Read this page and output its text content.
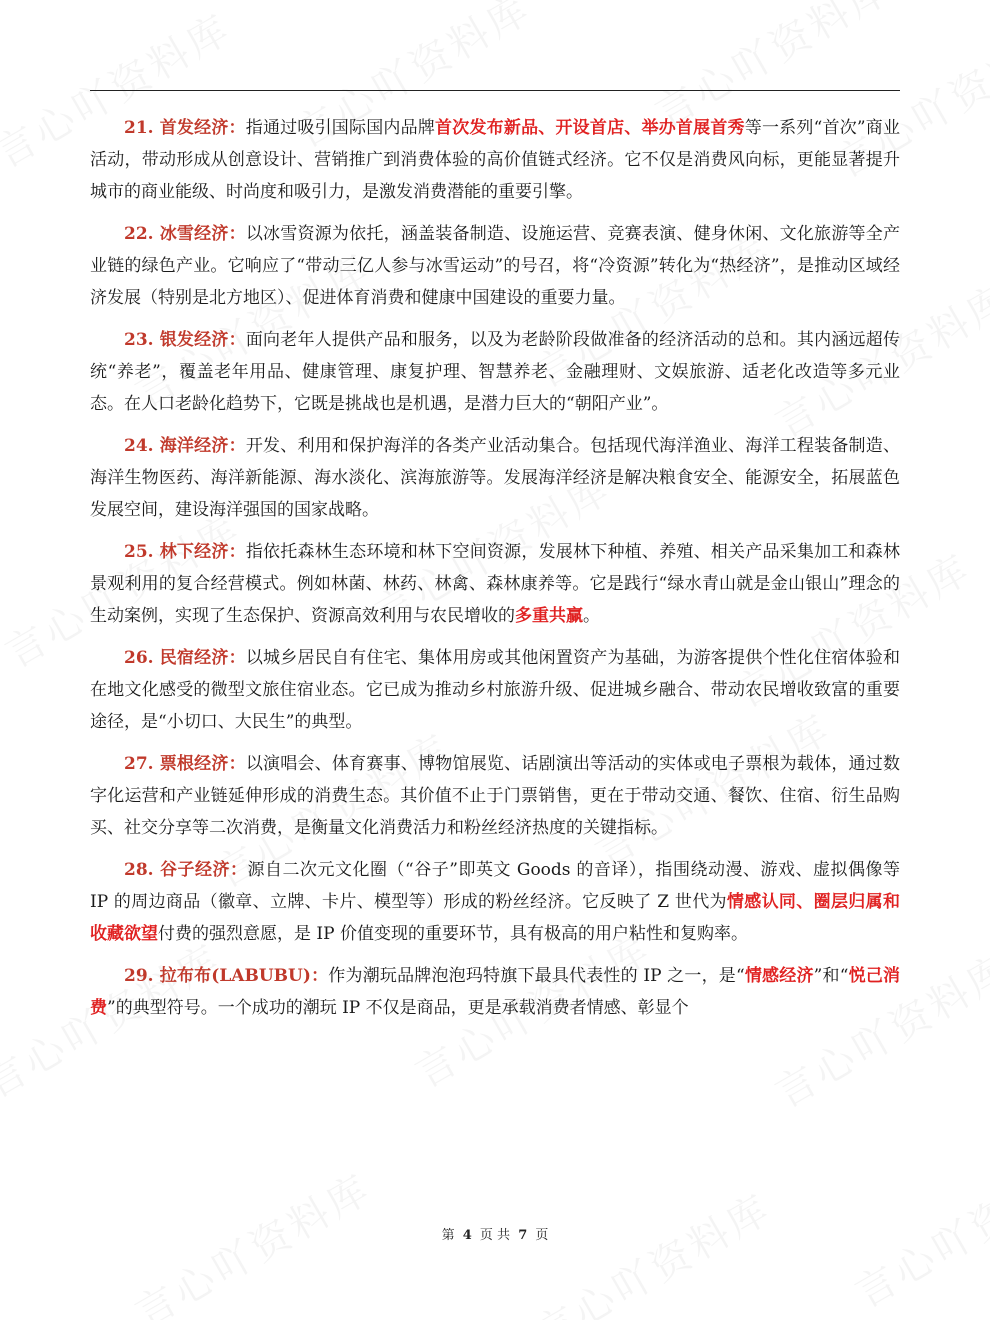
21. 首发经济：指通过吸引国际国内品牌首次发布新品、开设首店、举办首展首秀等一系列“首次”商业活动，带动形成从创意设计、营销推广到消费体验的高价值链式经济。它不仅是消费风向标，更能显著提升城市的商业能级、时尚度和吸引力，是激发消费潜能的重要引擎。

22. 冰雪经济：以冰雪资源为依托，涵盖装备制造、设施运营、竞赛表演、健身休闲、文化旅游等全产业链的绿色产业。它响应了“带动三亿人参与冰雪运动”的号召，将“冷资源”转化为“热经济”，是推动区域经济发展（特别是北方地区）、促进体育消费和健康中国建设的重要力量。

23. 银发经济：面向老年人提供产品和服务，以及为老龄阶段做准备的经济活动的总和。其内涵远超传统“养老”，覆盖老年用品、健康管理、康复护理、智慧养老、金融理财、文娱旅游、适老化改造等多元业态。在人口老龄化趋势下，它既是挑战也是机遇，是潜力巨大的“朝阳产业”。

24. 海洋经济：开发、利用和保护海洋的各类产业活动集合。包括现代海洋渔业、海洋工程装备制造、海洋生物医药、海洋新能源、海水淡化、滨海旅游等。发展海洋经济是解决粮食安全、能源安全，拓展蓝色发展空间，建设海洋强国的国家战略。

25. 林下经济：指依托森林生态环境和林下空间资源，发展林下种植、养殖、相关产品采集加工和森林景观利用的复合经营模式。例如林菌、林药、林禽、森林康养等。它是践行“绿水青山就是金山银山”理念的生动案例，实现了生态保护、资源高效利用与农民增收的多重共赢。

26. 民宿经济：以城乡居民自有住宅、集体用房或其他闲置资产为基础，为游客提供个性化住宿体验和在地文化感受的微型文旅住宿业态。它已成为推动乡村旅游升级、促进城乡融合、带动农民增收致富的重要途径，是“小切口、大民生”的典型。

27. 票根经济：以演唱会、体育赛事、博物馆展览、话剧演出等活动的实体或电子票根为载体，通过数字化运营和产业链延伸形成的消费生态。其价值不止于门票销售，更在于带动交通、餐饮、住宿、衍生品购买、社交分享等二次消费，是衡量文化消费活力和粉丝经济热度的关键指标。

28. 谷子经济：源自二次元文化圈（“谷子”即英文 Goods 的音译），指围绕动漫、游戏、虚拟偶像等 IP 的周边商品（徽章、立牌、卡片、模型等）形成的粉丝经济。它反映了 Z 世代为情感认同、圈层归属和收藏欲望付费的强烈意愿，是 IP 价值变现的重要环节，具有极高的用户粘性和复购率。

29. 拉布布(LABUBU)：作为潮玩品牌泡泡玛特旗下最具代表性的 IP 之一，是“情感经济”和“悦己消费”的典型符号。一个成功的潮玩 IP 不仅是商品，更是承载消费者情感、彰显个

第 4 页 共 7 页
